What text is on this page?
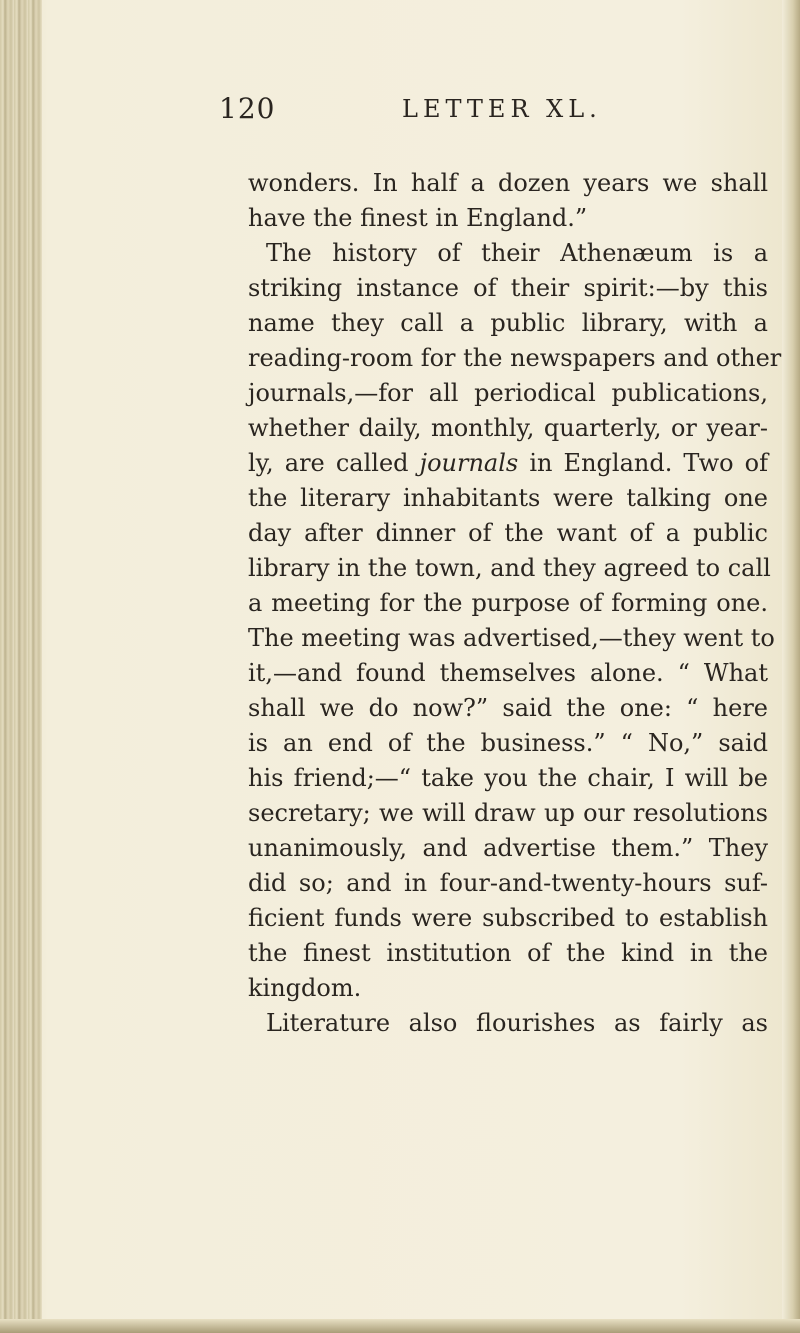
120	LETTER XL.
wonders. In half a dozen years we shall
have the finest in England.”
The history of their Athenæum is a
striking instance of their spirit:—by this
name they call a public library, with a
reading-room for the newspapers and other
journals,—for all periodical publications,
whether daily, monthly, quarterly, or year-
ly, are called journals in England. Two of
the literary inhabitants were talking one
day after dinner of the want of a public
library in the town, and they agreed to call
a meeting for the purpose of forming one.
The meeting was advertised,—they went to
it,—and found themselves alone. “ What
shall we do now?” said the one: “ here
is an end of the business.” “ No,” said
his friend;—“ take you the chair, I will be
secretary; we will draw up our resolutions
unanimously, and advertise them.” They
did so; and in four-and-twenty-hours suf-
ficient funds were subscribed to establish
the finest institution of the kind in the
kingdom.
Literature also flourishes as fairly as
